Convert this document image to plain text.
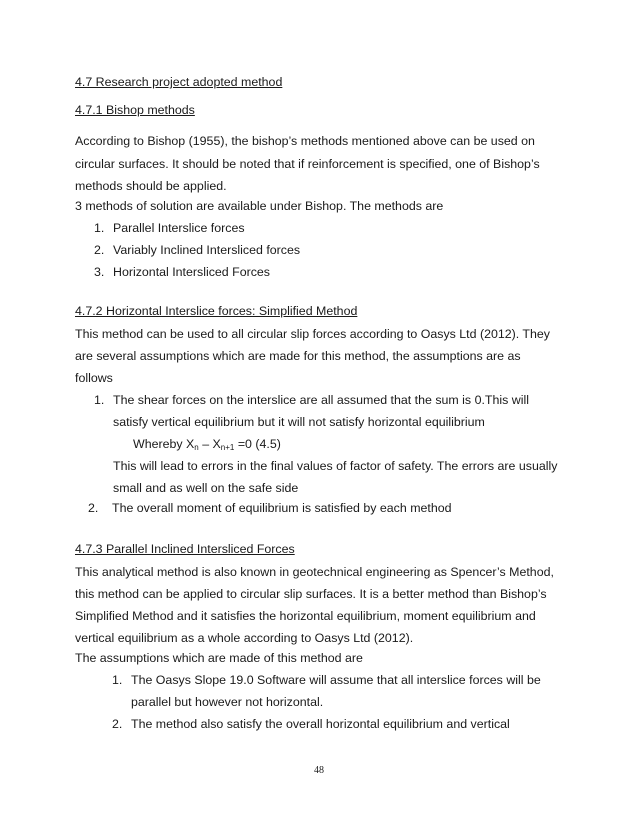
4.7 Research project adopted method

4.7.1 Bishop methods

According to Bishop (1955), the bishop’s methods mentioned above can be used on

circular surfaces. It should be noted that if reinforcement is specified, one of Bishop’s

methods should be applied.

3 methods of solution are available under Bishop. The methods are

1. Parallel Interslice forces

2. Variably Inclined Intersliced forces

3. Horizontal Intersliced Forces

4.7.2 Horizontal Interslice forces: Simplified Method

This method can be used to all circular slip forces according to Oasys Ltd (2012). They

are several assumptions which are made for this method, the assumptions are as

follows

1. The shear forces on the interslice are all assumed that the sum is 0.This will

satisfy vertical equilibrium but it will not satisfy horizontal equilibrium

Whereby $X_n - X_{n+1} =0$ (4.5)

This will lead to errors in the final values of factor of safety. The errors are usually

small and as well on the safe side

2. The overall moment of equilibrium is satisfied by each method

4.7.3 Parallel Inclined Intersliced Forces

This analytical method is also known in geotechnical engineering as Spencer’s Method,

this method can be applied to circular slip surfaces. It is a better method than Bishop’s

Simplified Method and it satisfies the horizontal equilibrium, moment equilibrium and

vertical equilibrium as a whole according to Oasys Ltd (2012).

The assumptions which are made of this method are

1. The Oasys Slope 19.0 Software will assume that all interslice forces will be

parallel but however not horizontal.

2. The method also satisfy the overall horizontal equilibrium and vertical

48
